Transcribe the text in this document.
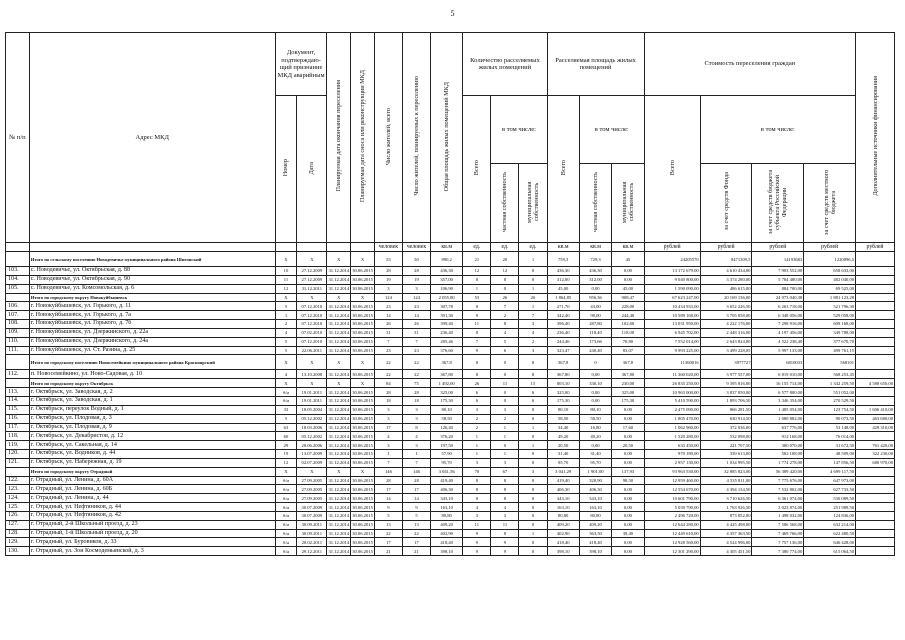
5
№ п/п	Адрес МКД	Документ, подтверждаю-щий признание МКД аварийным		Планируемая дата окончания переселения	Планируемая дата сноса или реконструкции МКД	Число жителей, всего	Число жителей, планируемых к переселению	Общая площадь жилых помещений МКД	Количество расселяемых жилых помещений			Расселяемая площадь жилых помещений			Стоимость переселения граждан				Дополнительные источники финансирования
		Номер	Дата						Всего	в том числе:		Всего	в том числе:		Всего	в том числе:			
										частная собственность	муниципальная собственность		частная собственность	муниципальная собственность		за счет средств Фонда	за счет средств бюджета субъекта Российской Федерации	за счет средств местного бюджета	
						человек	человек	кв.м	ед.	ед.	ед.	кв.м	кв.м	кв.м	рублей	рублей	рублей	рублей	рублей
	Итого по сельскому поселению Новодевичье муниципального района Шигонский	X	X	X	X	53	50	890,2	21	20	1	759,3	729,3	45	24205570	8471309,5	14193683	1220096,5	
103.	с. Новодевичье, ул. Октябрьская, д. 88	10	27.12.2009	31.12.2014	30.06.2015	28	28	436,30	12	12	0	436,30	436,30	0,00	13 172 679,00	4 610 434,00	7 903 552,00	658 633,00	
104.	с. Новодевичье, ул. Октябрьская, д. 90	11	27.12.2009	31.12.2014	30.06.2015	19	19	357,00	8	8	0	312,00	312,00	0,00	9 040 800,00	3 374 280,00	5 784 480,00	482 040,00	
105.	с. Новодевичье, ул. Комсомольская, д. 6	12	31.12.2011	31.12.2014	30.06.2015	3	3	106,90	1	0	1	45,00	0,00	45,00	1 590 090,00	486 615,00	884 700,00	69 525,00	
	Итого по городскому округу Новокуйбышевск	X	X	X	X	124	124	2 055,80	53	26	26	1 864,85	956,36	908,47	67 623 247,00	20 169 136,00	24 073 040,38	1 881 123,28	
106.	г. Новокуйбышевск, ул. Горького, д. 11	5	07.12.2010	31.12.2014	30.06.2015	23	23	307,78	8	7	1	271,70	43,00	228,00	10 434 933,00	3 652 226,50	6 263 718,00	521 796,30	
107.	г. Новокуйбышевск, ул. Горького, д. 7а	1	07.12.2010	31.12.2014	30.06.2015	14	14	391,30	9	2	7	342,40	98,00	244,40	10 589 168,00	3 705 058,00	6 348 056,00	529 058,00	
108.	г. Новокуйбышевск, ул. Горького, д. 7б	2	07.12.2010	31.12.2014	30.06.2015	26	26	399,40	11	8	3	396,40	287,80	102,60	13 031 950,00	4 222 176,00	7 298 916,00	609 168,00	
109.	г. Новокуйбышевск, ул. Дзержинского, д. 22а	4	07.02.2010	31.12.2014	30.06.2015	31	31	236,40	8	4	4	236,40	118,40	118,00	6 945 702,00	2 448 316,00	4 197 456,00	349 788,00	
110.	г. Новокуйбышевск, ул. Дзержинского, д. 24а	5	07.12.2010	31.12.2014	30.06.2015	7	7	285,46	7	5	2	244,46	173,66	70,80	7 552 014,00	2 643 824,00	4 522 238,40	377 670,70	
111.	г. Новокуйбышевск, ул. Ст. Разина, д. 25	5	22.06.2011	31.12.2014	30.06.2015	23	23	376,60	9	6	3	323,47	240,40	83,07	9 993 225,00	3 499 228,05	5 997 133,00	499 761,15	
	Итого по городскому поселению Новосемейкино муниципального района Красноярский	X	X	X	X	22	22	367,8	8	0	8	367,8	0	367,8	11360016	3977727	6810033	568101	
112.	п. Новосемейкино, ул. Ново-Садовая, д. 10	4	13.10.2008	31.12.2014	30.06.2015	22	22	367,80	8	0	8	367,80	0,00	367,80	11 360 020,00	3 977 557,00	6 819 010,00	568 253,45	
	Итого по городскому округу Октябрьск	X	X	X	X	84	75	1 492,00	26	11	15	803,10	330,10	230,00	26 835 250,00	9 395 816,00	16 155 714,00	1 342 259,50	4 588 650,00
113.	г. Октябрьск, ул. Заводская, д. 2	б/н	19.01.2011	31.12.2014	30.06.2015	28	28	325,00	6	0	6	325,00	0,00	325,00	10 963 000,00	3 837 050,00	6 577 800,00	551 052,00	
114.	г. Октябрьск, ул. Заводская, д. 1	б/н	19.01.2011	31.12.2014	30.06.2015	18	18	175,30	6	0	6	175,30	0,00	175,30	5 410 590,00	1 893 706,50	3 346 354,00	270 529,50	
115.	г. Октябрьск, переулок Водный, д. 1	33	18.05.2004	31.12.2014	30.06.2015	3	3	80,10	3	3	0	80,10	80,10	0,00	2 475 090,00	866 281,50	1 485 054,00	123 754,50	1 606 410,00
116.	г. Октябрьск, ул. Плодовая, д. 3	5	05.12.2002	31.12.2014	30.06.2015	3	3	58,50	2	2	0	58,50	58,50	0,00	1 805 470,00	630 914,50	1 080 882,00	90 073,50	463 680,00
117.	г. Октябрьск, ул. Плодовая, д. 9	63	18.03.2006	31.12.2014	30.06.2015	17	8	126,40	2	1	1	34,40	16,80	17,60	1 062 960,00	372 036,00	637 776,00	53 148,00	429 310,00
118.	г. Октябрьск, ул. Декабристов, д. 12	60	05.12.2002	31.12.2014	30.06.2015	4	4	376,20	1	1	0	49,20	49,20	0,00	1 520 280,00	532 098,00	912 168,00	76 014,00	
119.	г. Октябрьск, ул. Сакельная, д. 14	29	28.06.2006	31.12.2014	30.06.2015	3	3	197,50	1	0	1	20,50	0,00	20,50	633 450,00	221 707,50	380 070,00	31 672,50	761 420,00
120.	г. Октябрьск, ул. Водников, д. 44	19	13.07.2009	31.12.2014	30.06.2015	1	1	57,90	1	1	0	31,40	31,40	0,00	970 180,00	339 613,00	582 108,00	48 509,00	322 230,00
121.	г. Октябрьск, ул. Набережная, д. 19	12	02.07.2009	31.12.2014	30.06.2015	7	7	95,70	3	3	0	95,70	95,70	0,00	2 957 130,00	1 034 995,50	1 774 278,00	147 856,50	680 970,00
	Итого по городскому округу Отрадный	X	X	X	X	146	146	3 041,56	70	67	3	3 041,29	1 901,00	137,93	93 963 530,00	32 885 823,00	56 389 420,00	4 699 117,50	
122.	г. Отрадный, ул. Ленина, д. 60А	б/н	27.09.2005	31.12.2014	30.06.2015	28	28	419,40	8	8	0	419,40	320,90	98,50	12 959 460,00	4 535 811,00	7 775 676,00	647 973,00	
123.	г. Отрадный, ул. Ленина, д. 60Б	б/н	27.09.2005	31.12.2014	30.06.2015	17	17	406,30	8	8	0	406,30	406,30	0,00	12 554 670,00	4 394 134,50	7 532 802,00	627 733,50	
124.	г. Отрадный, ул. Ленина, д. 44	б/н	27.09.2005	31.12.2014	30.06.2015	14	14	343,10	8	8	0	343,10	343,10	0,00	10 601 790,00	3 710 626,50	6 361 074,00	530 089,50	
125.	г. Отрадный, ул. Нефтяников, д. 44	б/н	30.07.2009	31.12.2014	30.06.2015	9	9	163,10	4	4	0	163,10	163,10	0,00	5 039 790,00	1 763 926,50	3 023 874,00	251 989,50	
126.	г. Отрадный, ул. Нефтяников, д. 42	б/н	30.07.2009	31.12.2014	30.06.2015	5	5	80,80	3	3	0	80,80	80,80	0,00	2 496 720,00	873 852,00	1 498 032,00	124 836,00	
127.	г. Отрадный, 2-й Школьный проезд, д. 23	б/н	30.09.2011	31.12.2014	30.06.2015	13	13	409,20	11	11	0	409,20	409,20	0,00	12 644 280,00	4 425 498,00	7 586 568,00	632 214,00	
128.	г. Отрадный, 1-й Школьный проезд, д. 20	б/н	30.09.2011	31.12.2014	30.06.2015	22	22	402,90	9	8	1	402,90	363,50	39,40	12 449 610,00	4 357 363,50	7 469 766,00	622 480,50	
129.	г. Отрадный, ул. Буровиков, д. 33	б/н	20.02.2011	31.12.2014	30.06.2015	17	17	418,40	9	9	0	418,40	418,40	0,00	12 928 560,00	4 524 996,00	7 757 136,00	646 428,00	
130.	г. Отрадный, ул. Зои Космодемьянской, д. 3	б/н	29.12.2011	31.12.2014	30.06.2015	21	21	398,10	9	9	0	398,10	398,10	0,00	12 301 290,00	4 305 451,50	7 380 774,00	615 064,50	
